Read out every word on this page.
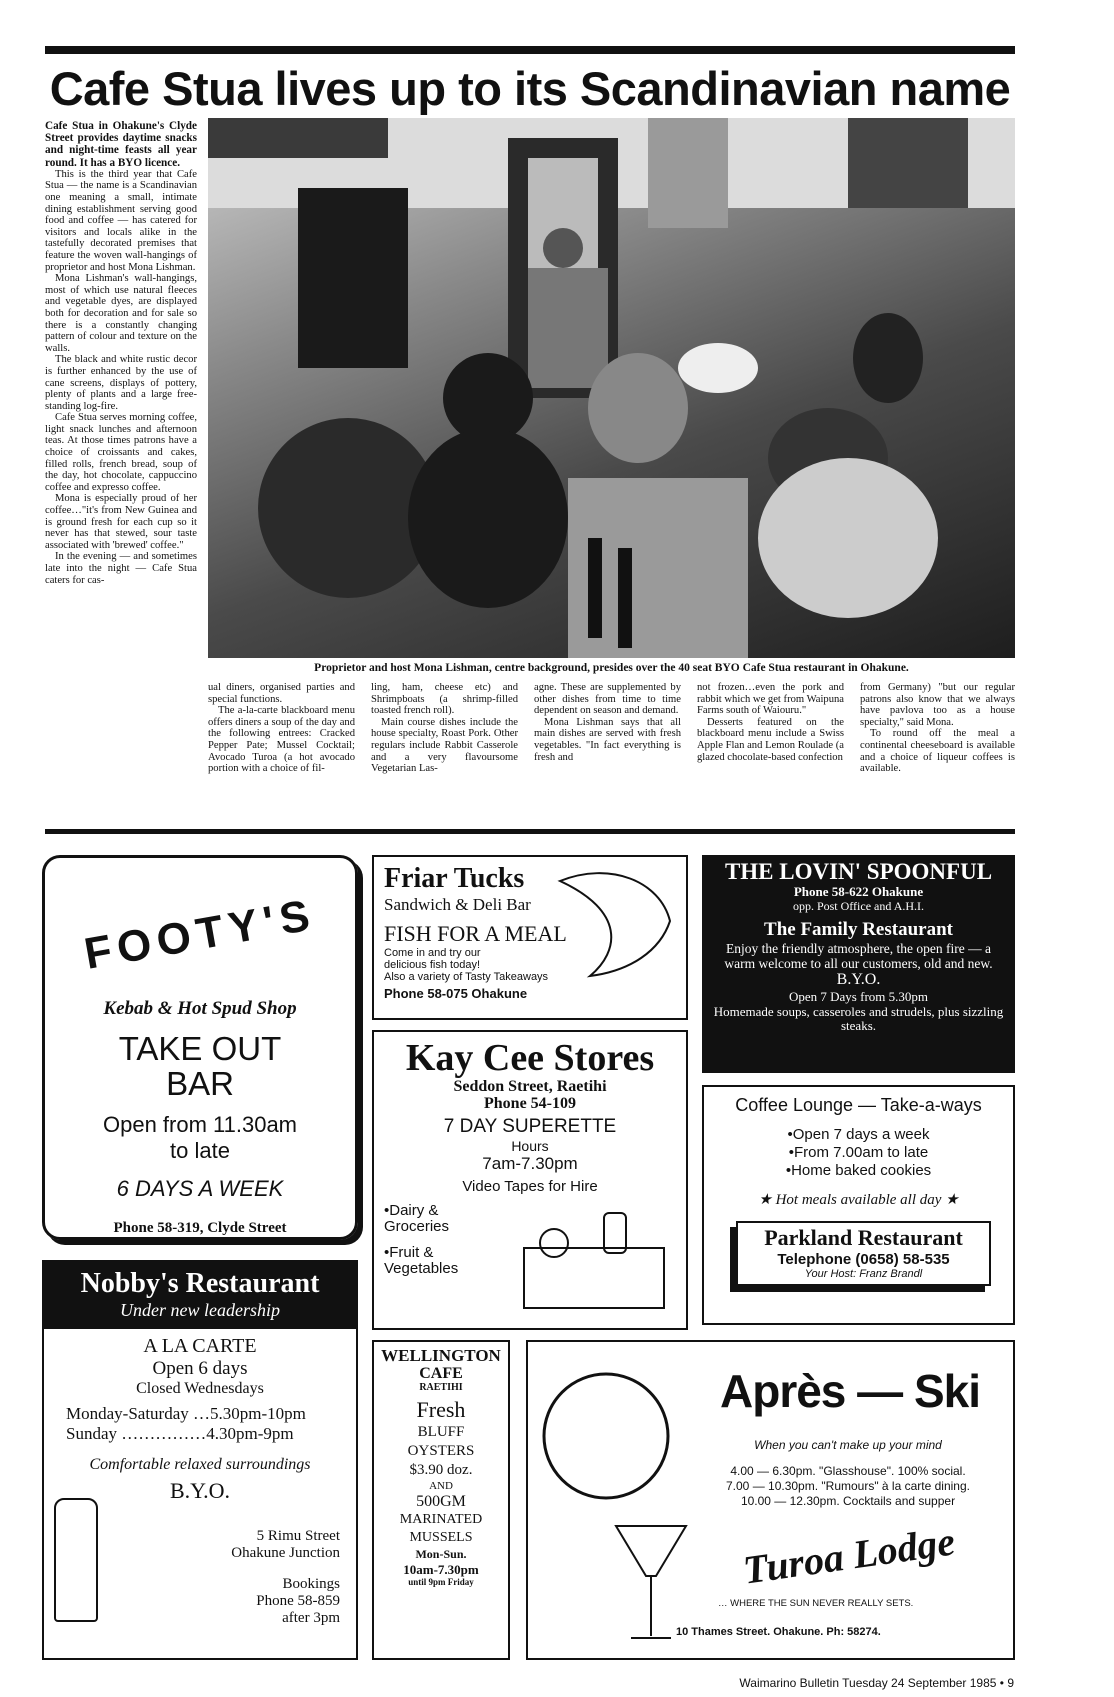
Cafe Stua lives up to its Scandinavian name
Cafe Stua in Ohakune's Clyde Street provides daytime snacks and night-time feasts all year round. It has a BYO licence.

This is the third year that Cafe Stua — the name is a Scandinavian one meaning a small, intimate dining establishment serving good food and coffee — has catered for visitors and locals alike in the tastefully decorated premises that feature the woven wall-hangings of proprietor and host Mona Lishman.

Mona Lishman's wall-hangings, most of which use natural fleeces and vegetable dyes, are displayed both for decoration and for sale so there is a constantly changing pattern of colour and texture on the walls.

The black and white rustic decor is further enhanced by the use of cane screens, displays of pottery, plenty of plants and a large free-standing log-fire.

Cafe Stua serves morning coffee, light snack lunches and afternoon teas. At those times patrons have a choice of croissants and cakes, filled rolls, french bread, soup of the day, hot chocolate, cappuccino coffee and expresso coffee.

Mona is especially proud of her coffee…"it's from New Guinea and is ground fresh for each cup so it never has that stewed, sour taste associated with 'brewed' coffee."

In the evening — and sometimes late into the night — Cafe Stua caters for cas-

Proprietor and host Mona Lishman, centre background, presides over the 40 seat BYO Cafe Stua restaurant in Ohakune.

ual diners, organised parties and special functions.

The a-la-carte blackboard menu offers diners a soup of the day and the following entrees: Cracked Pepper Pate; Mussel Cocktail; Avocado Turoa (a hot avocado portion with a choice of fil-

ling, ham, cheese etc) and Shrimpboats (a shrimp-filled toasted french roll).

Main course dishes include the house specialty, Roast Pork. Other regulars include Rabbit Casserole and a very flavoursome Vegetarian Las-

agne. These are supplemented by other dishes from time to time dependent on season and demand.

Mona Lishman says that all main dishes are served with fresh vegetables. "In fact everything is fresh and

not frozen…even the pork and rabbit which we get from Waipuna Farms south of Waiouru."

Desserts featured on the blackboard menu include a Swiss Apple Flan and Lemon Roulade (a glazed chocolate-based confection

from Germany) "but our regular patrons also know that we always have pavlova too as a house specialty," said Mona.

To round off the meal a continental cheeseboard is available and a choice of liqueur coffees is available.

FOOTY'S
Kebab & Hot Spud Shop
TAKE OUT
BAR
Open from 11.30am
to late
6 DAYS A WEEK
Phone 58-319, Clyde Street
Nobby's Restaurant
Under new leadership
A LA CARTE
Open 6 days
Closed Wednesdays
Monday-Saturday …5.30pm-10pm
Sunday ……………4.30pm-9pm
Comfortable relaxed surroundings
B.Y.O.
5 Rimu Street
Ohakune Junction
Bookings
Phone 58-859
after 3pm
Friar Tucks
Sandwich & Deli Bar
FISH FOR A MEAL
Come in and try our
delicious fish today!
Also a variety of Tasty Takeaways
Phone 58-075 Ohakune
Kay Cee Stores
Seddon Street, Raetihi
Phone 54-109
7 DAY SUPERETTE
Hours
7am-7.30pm
Video Tapes for Hire
•Dairy &
Groceries
•Fruit &
Vegetables
THE LOVIN' SPOONFUL
Phone 58-622 Ohakune
opp. Post Office and A.H.I.
The Family Restaurant
Enjoy the friendly atmosphere, the open fire — a warm welcome to all our customers, old and new.
B.Y.O.
Open 7 Days from 5.30pm
Homemade soups, casseroles and strudels, plus sizzling steaks.
Coffee Lounge — Take-a-ways
•Open 7 days a week
•From 7.00am to late
•Home baked cookies
★ Hot meals available all day ★
Parkland Restaurant
Telephone (0658) 58-535
Your Host: Franz Brandl
WELLINGTON
CAFE
RAETIHI
Fresh
BLUFF
OYSTERS
$3.90 doz.
AND
500GM
MARINATED
MUSSELS
Mon-Sun.
10am-7.30pm
until 9pm Friday
Après — Ski
When you can't make up your mind
4.00 — 6.30pm. "Glasshouse". 100% social.
7.00 — 10.30pm. "Rumours" à la carte dining.
10.00 — 12.30pm. Cocktails and supper
Turoa Lodge
… WHERE THE SUN NEVER REALLY SETS.
10 Thames Street. Ohakune. Ph: 58274.
Waimarino Bulletin Tuesday 24 September 1985 • 9
